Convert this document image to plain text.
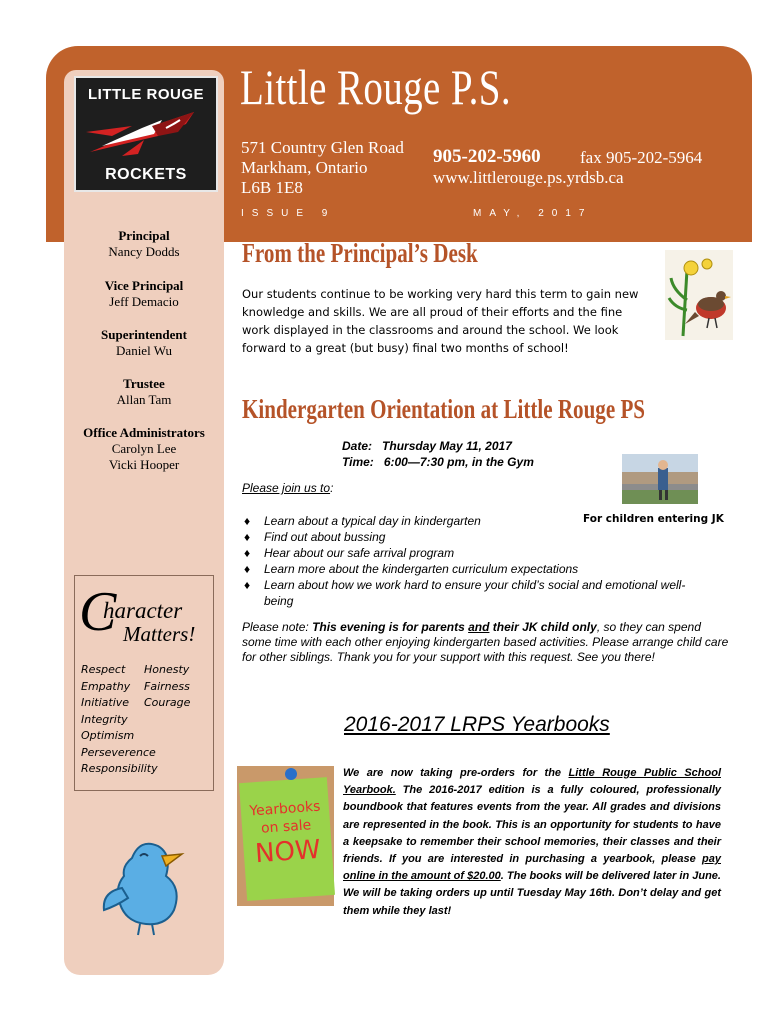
LITTLE ROUGE
ROCKETS
Little Rouge P.S.
571 Country Glen Road
Markham, Ontario
L6B 1E8
905-202-5960 fax 905-202-5964
www.littlerouge.ps.yrdsb.ca
ISSUE 9	MAY, 2017
Principal
Nancy Dodds
Vice Principal
Jeff Demacio
Superintendent
Daniel Wu
Trustee
Allan Tam
Office Administrators
Carolyn Lee
Vicki Hooper
C
haracter
Matters!
Respect
Empathy
Initiative
Integrity
Optimism
Perseverence
Responsibility
Honesty
Fairness
Courage
From the Principal’s Desk
Our students continue to be working very hard this term to gain new knowledge and skills. We are all proud of their efforts and the fine work displayed in the classrooms and around the school. We look forward to a great (but busy) final two months of school!
Kindergarten Orientation at Little Rouge PS
Date: Thursday May 11, 2017
Time: 6:00—7:30 pm, in the Gym
Please join us to:
For children entering JK
♦ Learn about a typical day in kindergarten
♦ Find out about bussing
♦ Hear about our safe arrival program
♦ Learn more about the kindergarten curriculum expectations
♦ Learn about how we work hard to ensure your child’s social and emotional well-being
Please note: This evening is for parents and their JK child only, so they can spend some time with each other enjoying kindergarten based activities. Please arrange child care for other siblings. Thank you for your support with this request. See you there!
2016-2017 LRPS Yearbooks
Yearbooks
on sale
NOW
We are now taking pre-orders for the Little Rouge Public School Yearbook. The 2016-2017 edition is a fully coloured, professionally boundbook that features events from the year. All grades and divisions are represented in the book. This is an opportunity for students to have a keepsake to remember their school memories, their classes and their friends. If you are interested in purchasing a yearbook, please pay online in the amount of $20.00. The books will be delivered later in June. We will be taking orders up until Tuesday May 16th. Don’t delay and get them while they last!
